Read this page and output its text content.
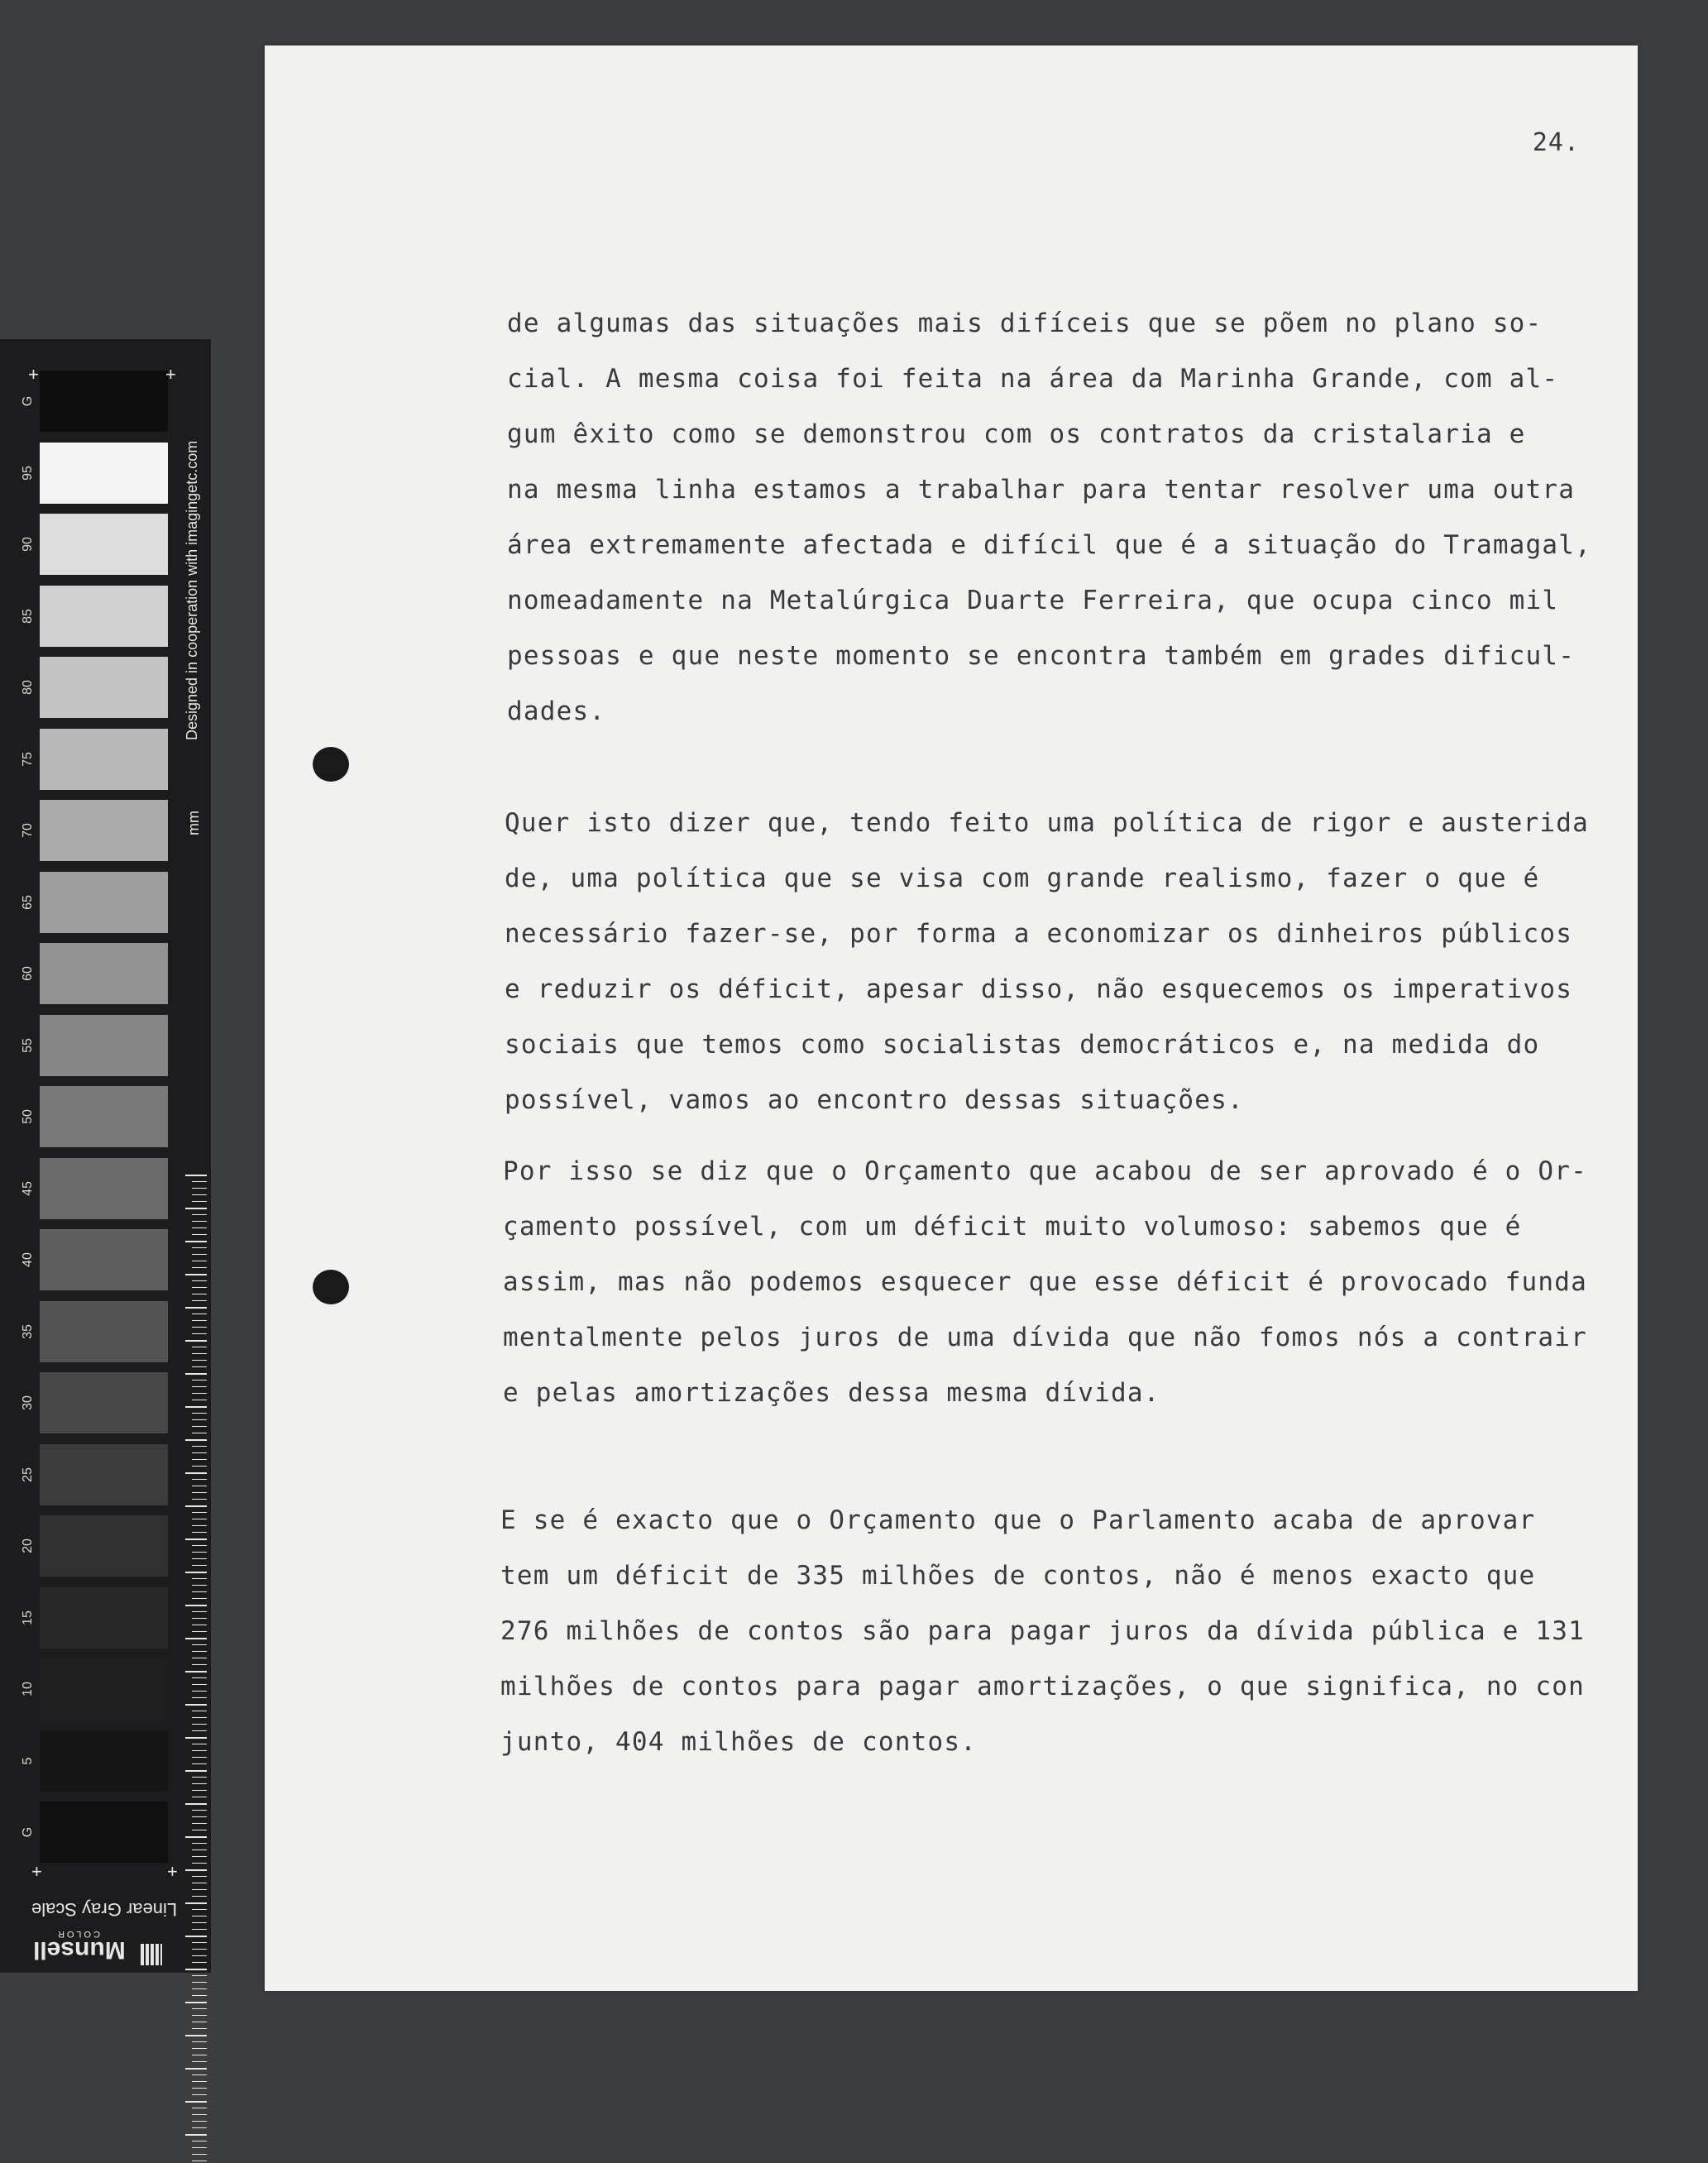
G
95
90
85
80
75
70
65
60
55
50
45
40
35
30
25
20
15
10
5
G
+	+
+	+
Designed in cooperation with imagingetc.com
mm
Linear Gray Scale
Munsell
C O L O R
24.
de algumas das situações mais difíceis que se põem no plano so-
cial. A mesma coisa foi feita na área da Marinha Grande, com al-
gum êxito como se demonstrou com os contratos da cristalaria e
na mesma linha estamos a trabalhar para tentar resolver uma outra
área extremamente afectada e difícil que é a situação do Tramagal,
nomeadamente na Metalúrgica Duarte Ferreira, que ocupa cinco mil
pessoas e que neste momento se encontra também em grades dificul-
dades.
Quer isto dizer que, tendo feito uma política de rigor e austerida
de, uma política que se visa com grande realismo, fazer o que é
necessário fazer-se, por forma a economizar os dinheiros públicos
e reduzir os déficit, apesar disso, não esquecemos os imperativos
sociais que temos como socialistas democráticos e, na medida do
possível, vamos ao encontro dessas situações.
Por isso se diz que o Orçamento que acabou de ser aprovado é o Or-
çamento possível, com um déficit muito volumoso: sabemos que é
assim, mas não podemos esquecer que esse déficit é provocado funda
mentalmente pelos juros de uma dívida que não fomos nós a contrair
e pelas amortizações dessa mesma dívida.
E se é exacto que o Orçamento que o Parlamento acaba de aprovar
tem um déficit de 335 milhões de contos, não é menos exacto que
276 milhões de contos são para pagar juros da dívida pública e 131
milhões de contos para pagar amortizações, o que significa, no con
junto, 404 milhões de contos.
